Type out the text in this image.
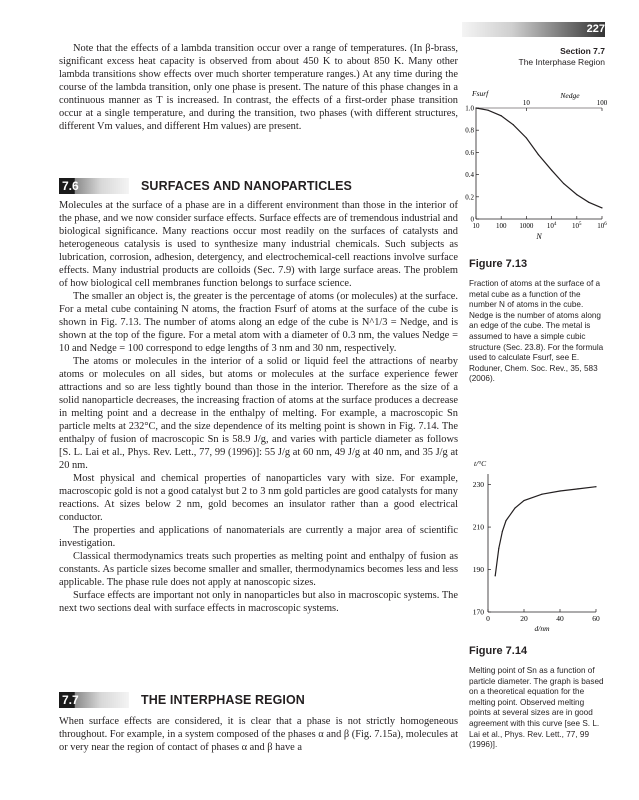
227
Section 7.7
The Interphase Region

Note that the effects of a lambda transition occur over a range of temperatures. (In β-brass, significant excess heat capacity is observed from about 450 K to about 850 K. Many other lambda transitions show effects over much shorter temperature ranges.) At any time during the course of the lambda transition, only one phase is present. The nature of this phase changes in a continuous manner as T is increased. In contrast, the effects of a first-order phase transition occur at a single temperature, and during the transition, two phases (with different structures, different Vm values, and different Hm values) are present.

7.6	SURFACES AND NANOPARTICLES

Molecules at the surface of a phase are in a different environment than those in the interior of the phase, and we now consider surface effects. Surface effects are of tremendous industrial and biological significance. Many reactions occur most readily on the surfaces of catalysts and heterogeneous catalysis is used to synthesize many industrial chemicals. Such subjects as lubrication, corrosion, adhesion, detergency, and electrochemical-cell reactions involve surface effects. Many industrial products are colloids (Sec. 7.9) with large surface areas. The problem of how biological cell membranes function belongs to surface science.

The smaller an object is, the greater is the percentage of atoms (or molecules) at the surface. For a metal cube containing N atoms, the fraction Fsurf of atoms at the surface of the cube is shown in Fig. 7.13. The number of atoms along an edge of the cube is N^1/3 = Nedge, and is shown at the top of the figure. For a metal atom with a diameter of 0.3 nm, the values Nedge = 10 and Nedge = 100 correspond to edge lengths of 3 nm and 30 nm, respectively.

The atoms or molecules in the interior of a solid or liquid feel the attractions of nearby atoms or molecules on all sides, but atoms or molecules at the surface experience fewer attractions and so are less tightly bound than those in the interior. Therefore as the size of a solid nanoparticle decreases, the increasing fraction of atoms at the surface produces a decrease in melting point and a decrease in the enthalpy of melting. For example, a macroscopic Sn particle melts at 232°C, and the size dependence of its melting point is shown in Fig. 7.14. The enthalpy of fusion of macroscopic Sn is 58.9 J/g, and varies with particle diameter as follows [S. L. Lai et al., Phys. Rev. Lett., 77, 99 (1996)]: 55 J/g at 60 nm, 49 J/g at 40 nm, and 35 J/g at 20 nm.

Most physical and chemical properties of nanoparticles vary with size. For example, macroscopic gold is not a good catalyst but 2 to 3 nm gold particles are good catalysts for many reactions. At sizes below 2 nm, gold becomes an insulator rather than a good electrical conductor.

The properties and applications of nanomaterials are currently a major area of scientific investigation.

Classical thermodynamics treats such properties as melting point and enthalpy of fusion as constants. As particle sizes become smaller and smaller, thermodynamics becomes less and less applicable. The phase rule does not apply at nanoscopic sizes.

Surface effects are important not only in nanoparticles but also in macroscopic systems. The next two sections deal with surface effects in macroscopic systems.

7.7	THE INTERPHASE REGION

When surface effects are considered, it is clear that a phase is not strictly homogeneous throughout. For example, in a system composed of the phases α and β (Fig. 7.15a), molecules at or very near the region of contact of phases α and β have a

0
0.2
0.4
0.6
0.8
1.0
10 100 1000 $10^4$ $10^5$ $10^6$
10	100
Fsurf	Nedge
N
Figure 7.13
Fraction of atoms at the surface of a metal cube as a function of the number N of atoms in the cube. Nedge is the number of atoms along an edge of the cube. The metal is assumed to have a simple cubic structure (Sec. 23.8). For the formula used to calculate Fsurf, see E. Roduner, Chem. Soc. Rev., 35, 583 (2006).
170
190
210
230
0	20	40	60
t/°C
d/nm
Figure 7.14
Melting point of Sn as a function of particle diameter. The graph is based on a theoretical equation for the melting point. Observed melting points at several sizes are in good agreement with this curve [see S. L. Lai et al., Phys. Rev. Lett., 77, 99 (1996)].
